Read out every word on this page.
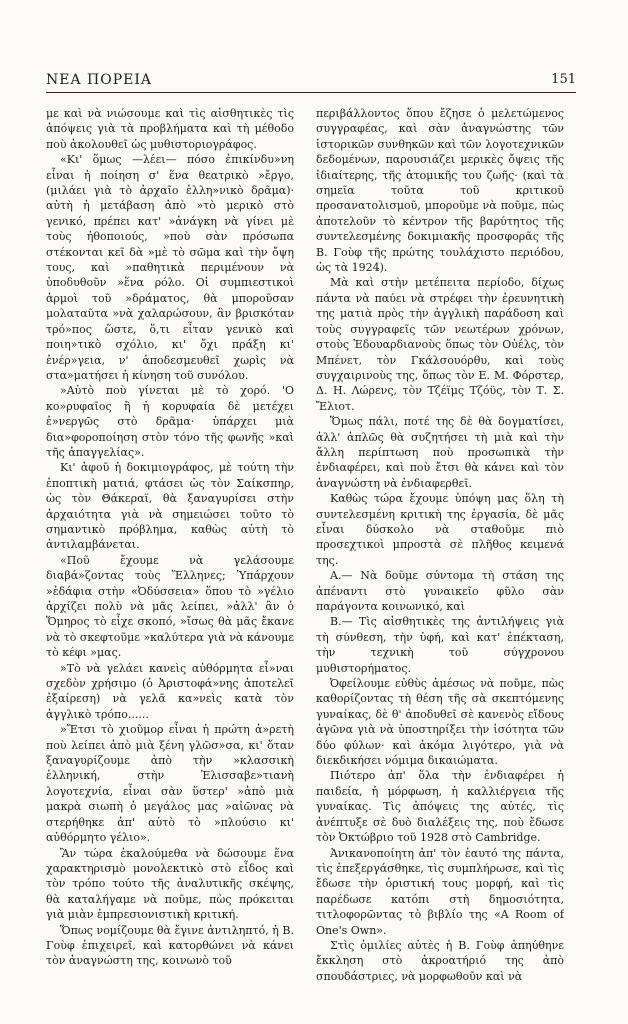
ΝΕΑ ΠΟΡΕΙΑ	151

με καὶ νὰ νιώσουμε καὶ τὶς αἰσθητικὲς τὶς ἀπόψεις γιὰ τὰ προβλήματα καὶ τὴ μέθοδο ποὺ ἀκολουθεῖ ὡς μυθιστοριογράφος.

«Κι' ὅμως —λέει— πόσο ἐπικίνδυ»νη εἶναι ἡ ποίηση σ' ἕνα θεατρικὸ »ἔργο, (μιλάει γιὰ τὸ ἀρχαῖο ἑλλη»νικὸ δρᾶμα)· αὐτὴ ἡ μετάβαση ἀπὸ »τὸ μερικὸ στὸ γενικό, πρέπει κατ' »ἀνάγκη νὰ γίνει μὲ τοὺς ἠθοποιούς, »ποὺ σὰν πρόσωπα στέκονται κεῖ δὰ »μὲ τὸ σῶμα καὶ τὴν ὄψη τους, καὶ »παθητικὰ περιμένουν νὰ ὑποδυθοῦν »ἕνα ρόλο. Οἱ συμπιεστικοὶ ἁρμοὶ τοῦ »δράματος, θὰ μποροῦσαν μολαταῦτα »νὰ χαλαρώσουν, ἂν βρισκόταν τρό»πος ὥστε, ὅ,τι εἶταν γενικὸ καὶ ποιη»τικὸ σχόλιο, κι' ὄχι πράξη κι' ἐνέρ»γεια, ν' ἀποδεσμευθεῖ χωρὶς νὰ στα»ματήσει ἡ κίνηση τοῦ συνόλου.

»Αὐτὸ ποὺ γίνεται μὲ τὸ χορό. 'Ο κο»ρυφαῖος ἢ ἡ κορυφαία δὲ μετέχει ἐ»νεργῶς στὸ δρᾶμα· ὑπάρχει μιὰ δια»φοροποίηση στὸν τόνο τῆς φωνῆς »καὶ τῆς ἀπαγγελίας».

Κι' ἀφοῦ ἡ δοκιμιογράφος, μὲ τούτη τὴν ἐποπτικὴ ματιά, φτάσει ὡς τὸν Σαίκσπηρ, ὡς τὸν Θάκεραϊ, θὰ ξαναγυρίσει στὴν ἀρχαιότητα γιὰ νὰ σημειώσει τοῦτο τὸ σημαντικὸ πρόβλημα, καθὼς αὐτὴ τὸ ἀντιλαμβάνεται.

«Ποῦ ἔχουμε νὰ γελάσουμε διαβά»ζοντας τοὺς Ἕλληνες; Ὑπάρχουν »ἐδάφια στὴν «Ὀδύσσεια» ὅπου τὸ »γέλιο ἀρχίζει πολὺ νὰ μᾶς λείπει, »ἀλλ' ἂν ὁ Ὅμηρος τὸ εἶχε σκοπό, »ἴσως θὰ μᾶς ἔκανε νὰ τὸ σκεφτοῦμε »καλύτερα γιὰ νὰ κάνουμε τὸ κέφι »μας.

»Τὸ νὰ γελάει κανεὶς αὐθόρμητα εἶ»ναι σχεδὸν χρήσιμο (ὁ Ἀριστοφά»νης ἀποτελεῖ ἐξαίρεση) νὰ γελᾶ κα»νεὶς κατὰ τὸν ἀγγλικὸ τρόπο......

»Ἔτσι τὸ χιοῦμορ εἶναι ἡ πρώτη ἀ»ρετὴ ποὺ λείπει ἀπὸ μιὰ ξένη γλῶσ»σα, κι' ὅταν ξαναγυρίζουμε ἀπὸ τὴν »κλασσικὴ ἑλληνική, στὴν Ἐλισσαβε»τιανὴ λογοτεχνία, εἶναι σὰν ὕστερ' »ἀπὸ μιὰ μακρὰ σιωπὴ ὁ μεγάλος μας »αἰῶνας νὰ στερήθηκε ἀπ' αὐτὸ τὸ »πλούσιο κι' αὐθόρμητο γέλιο».

Ἂν τώρα ἐκαλούμεθα νὰ δώσουμε ἕνα χαρακτηρισμὸ μονολεκτικὸ στὸ εἶδος καὶ τὸν τρόπο τούτο τῆς ἀναλυτικῆς σκέψης, θὰ καταλήγαμε νὰ ποῦμε, πὼς πρόκειται γιὰ μιὰν ἐμπρεσιονιστικὴ κριτική.

Ὅπως νομίζουμε θὰ ἔγινε ἀντιληπτό, ἡ Β. Γοὺφ ἐπιχειρεῖ, καὶ κατορθώνει νὰ κάνει τὸν ἀναγνώστη της, κοινωνὸ τοῦ

περιβάλλοντος ὅπου ἔζησε ὁ μελετώμενος συγγραφέας, καὶ σὰν ἀναγνώστης τῶν ἱστορικῶν συνθηκῶν καὶ τῶν λογοτεχνικῶν δεδομένων, παρουσιάζει μερικὲς ὄψεις τῆς ἰδιαίτερης, τῆς ἀτομικῆς του ζωῆς· (καὶ τὰ σημεῖα τοῦτα τοῦ κριτικοῦ προσανατολισμοῦ, μποροῦμε νὰ ποῦμε, πὼς ἀποτελοῦν τὸ κέντρον τῆς βαρύτητος τῆς συντελεσμένης δοκιμιακῆς προσφορᾶς τῆς Β. Γοὺφ τῆς πρώτης τουλάχιστο περιόδου, ὡς τὰ 1924).

Μὰ καὶ στὴν μετέπειτα περίοδο, δίχως πάντα νὰ παύει νὰ στρέφει τὴν ἐρευνητικὴ της ματιὰ πρὸς τὴν ἀγγλικὴ παράδοση καὶ τοὺς συγγραφεῖς τῶν νεωτέρων χρόνων, στοὺς Ἐδουαρδιανοὺς ὅπως τὸν Οὐέλς, τὸν Μπένετ, τὸν Γκάλσουόρθυ, καὶ τοὺς συγχαιρινοὺς της, ὅπως τὸν Ε. Μ. Φόρστερ, Δ. Η. Λώρενς, τὸν Τζέϊμς Τζόϋς, τὸν Τ. Σ. Ἔλιοτ.

Ὅμως πάλι, ποτέ της δὲ θὰ δογματίσει, ἀλλ' ἁπλῶς θὰ συζητήσει τὴ μιὰ καὶ τὴν ἄλλη περίπτωση ποὺ προσωπικὰ τὴν ἐνδιαφέρει, καὶ ποὺ ἔτσι θὰ κάνει καὶ τὸν ἀναγνώστη νὰ ἐνδιαφερθεῖ.

Καθὼς τώρα ἔχουμε ὑπόψη μας ὅλη τὴ συντελεσμένη κριτικὴ της ἐργασία, δὲ μᾶς εἶναι δύσκολο νὰ σταθοῦμε πιὸ προσεχτικοὶ μπροστὰ σὲ πλῆθος κειμενά της.

Α.— Νὰ δοῦμε σύντομα τὴ στάση της ἀπέναντι στὸ γυναικεῖο φῦλο σὰν παράγοντα κοινωνικό, καὶ

Β.— Τὶς αἰσθητικὲς της ἀντιλήψεις γιὰ τὴ σύνθεση, τὴν ὑφή, καὶ κατ' ἐπέκταση, τὴν τεχνικὴ τοῦ σύγχρονου μυθιστορήματος.

Ὀφείλουμε εὐθὺς ἀμέσως νὰ ποῦμε, πὼς καθορίζοντας τὴ θέση τῆς σὰ σκεπτόμενης γυναίκας, δὲ θ' ἀποδυθεῖ σὲ κανενὸς εἴδους ἀγῶνα γιὰ νὰ ὑποστηρίξει τὴν ἰσότητα τῶν δύο φύλων· καὶ ἀκόμα λιγότερο, γιὰ νὰ διεκδικήσει νόμιμα δικαιώματα.

Πιότερο ἀπ' ὅλα τὴν ἐνδιαφέρει ἡ παιδεία, ἡ μόρφωση, ἡ καλλιέργεια τῆς γυναίκας. Τὶς ἀπόψεις της αὐτές, τὶς ἀνέπτυξε σὲ δυὸ διαλέξεις της, ποὺ ἔδωσε τὸν Ὀκτώβριο τοῦ 1928 στὸ Cambridge.

Ἀνικανοποίητη ἀπ' τὸν ἑαυτό της πάντα, τὶς ἐπεξεργάσθηκε, τὶς συμπλήρωσε, καὶ τὶς ἔδωσε τὴν ὁριστική τους μορφή, καὶ τὶς παρέδωσε κατόπι στὴ δημοσιότητα, τιτλοφορῶντας τὸ βιβλίο της «A Room of One's Own».

Στὶς ὁμιλίες αὐτὲς ἡ Β. Γοὺφ ἀπηύθηνε ἔκκληση στὸ ἀκροατήριό της ἀπὸ σπουδάστριες, νὰ μορφωθοῦν καὶ νὰ
